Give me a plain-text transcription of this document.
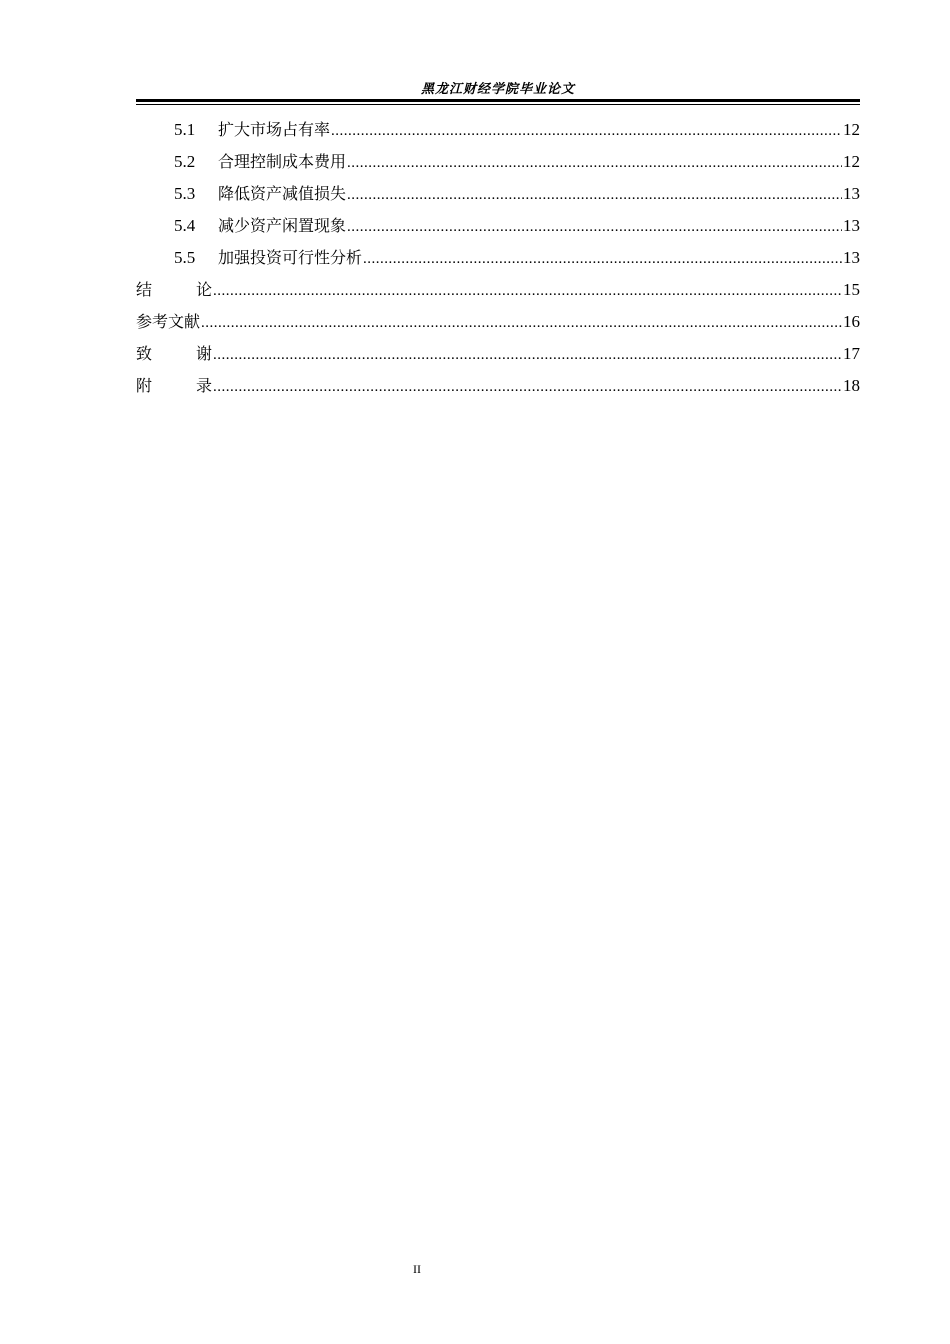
黑龙江财经学院毕业论文
5.1	扩大市场占有率 .....	12
5.2	合理控制成本费用 .....	12
5.3	降低资产减值损失 .....	13
5.4	减少资产闲置现象 .....	13
5.5	加强投资可行性分析 .....	13
结	论 .....	15
参考文献 .....	16
致	谢 .....	17
附	录 .....	18
II
